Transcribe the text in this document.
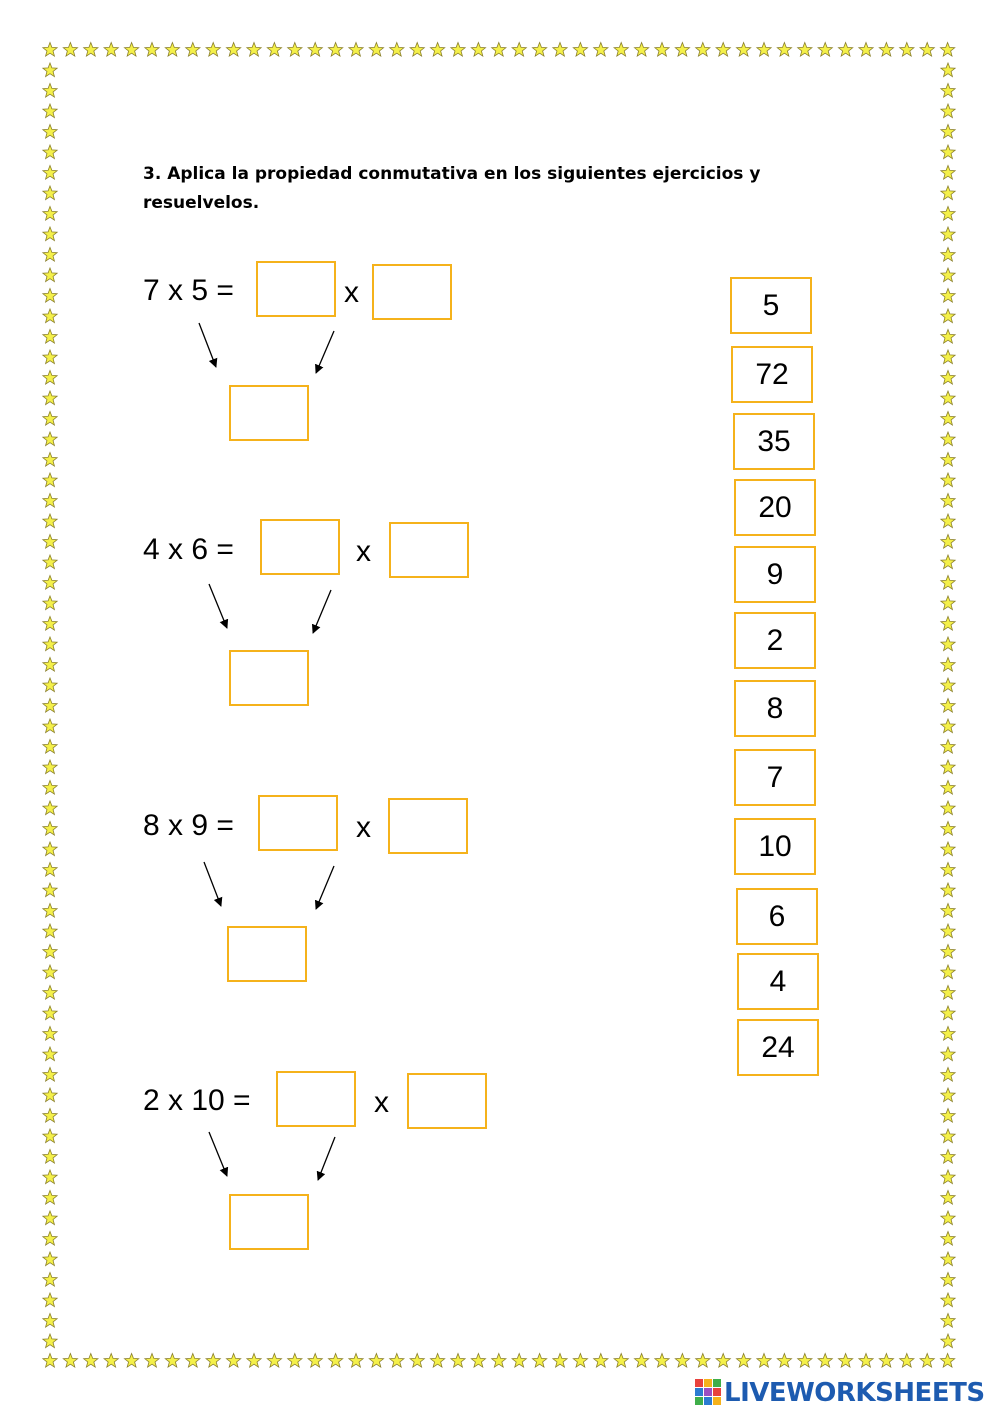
3. Aplica la propiedad conmutativa en los siguientes ejercicios y resuelvelos.

7 x 5 =	x
4 x 6 =	x
8 x 9 =	x
2 x 10 =	x
5
72
35
20
9
2
8
7
10
6
4
24
LIVEWORKSHEETS
